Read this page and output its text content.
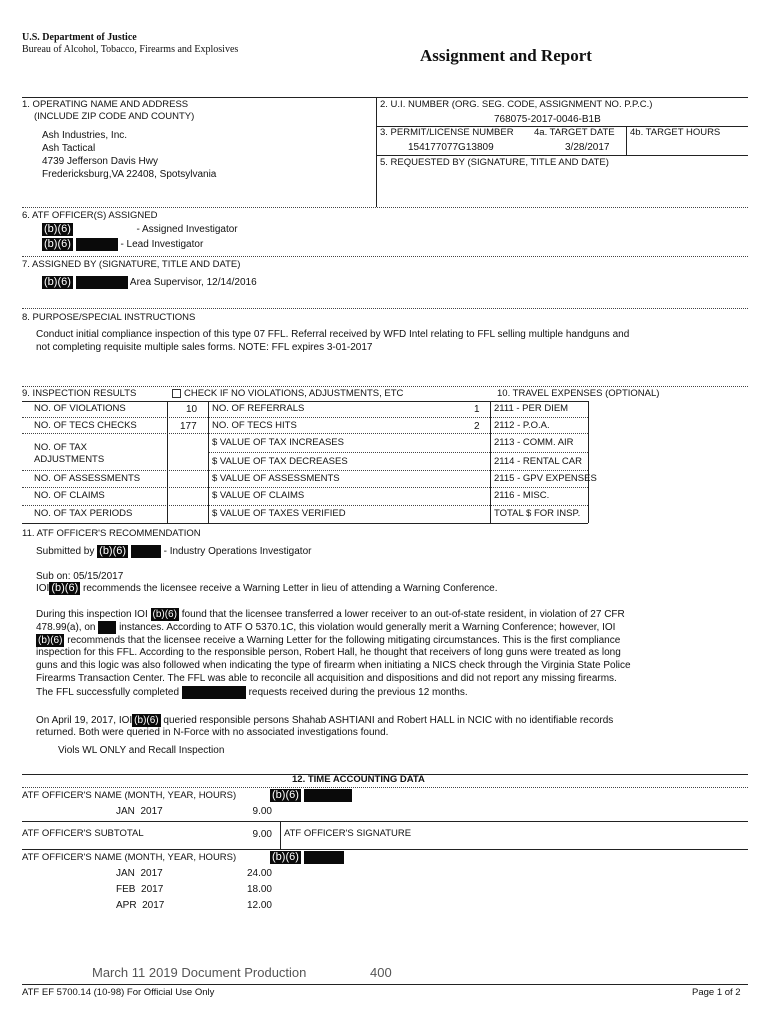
U.S. Department of Justice
Bureau of Alcohol, Tobacco, Firearms and Explosives	Assignment and Report
1. OPERATING NAME AND ADDRESS
(INCLUDE ZIP CODE AND COUNTY)
Ash Industries, Inc.
Ash Tactical
4739 Jefferson Davis Hwy
Fredericksburg,VA 22408, Spotsylvania
2. U.I. NUMBER (ORG. SEG. CODE, ASSIGNMENT NO. P.P.C.)
768075-2017-0046-B1B
3. PERMIT/LICENSE NUMBER 4a. TARGET DATE 4b. TARGET HOURS
154177077G13809	3/28/2017
5. REQUESTED BY (SIGNATURE, TITLE AND DATE)
6. ATF OFFICER(S) ASSIGNED
(b)(6)	- Assigned Investigator
(b)(6)	- Lead Investigator
7. ASSIGNED BY (SIGNATURE, TITLE AND DATE)
(b)(6)	Area Supervisor, 12/14/2016
8. PURPOSE/SPECIAL INSTRUCTIONS
Conduct initial compliance inspection of this type 07 FFL. Referral received by WFD Intel relating to FFL selling multiple handguns and
not completing requisite multiple sales forms. NOTE: FFL expires 3-01-2017
9. INSPECTION RESULTS	CHECK IF NO VIOLATIONS, ADJUSTMENTS, ETC	10. TRAVEL EXPENSES (OPTIONAL)
NO. OF VIOLATIONS	10 NO. OF REFERRALS	1 2111 - PER DIEM
NO. OF TECS CHECKS	177 NO. OF TECS HITS	2 2112 - P.O.A.
NO. OF TAX ADJUSTMENTS
$ VALUE OF TAX INCREASES	2113 - COMM. AIR
$ VALUE OF TAX DECREASES	2114 - RENTAL CAR
NO. OF ASSESSMENTS	$ VALUE OF ASSESSMENTS	2115 - GPV EXPENSES
NO. OF CLAIMS	$ VALUE OF CLAIMS	2116 - MISC.
NO. OF TAX PERIODS	$ VALUE OF TAXES VERIFIED	TOTAL $ FOR INSP.
11. ATF OFFICER'S RECOMMENDATION
Submitted by (b)(6)	- Industry Operations Investigator
Sub on: 05/15/2017
IOI (b)(6) recommends the licensee receive a Warning Letter in lieu of attending a Warning Conference.
During this inspection IOI (b)(6) found that the licensee transferred a lower receiver to an out-of-state resident, in violation of 27 CFR
478.99(a), on instances. According to ATF O 5370.1C, this violation would generally merit a Warning Conference; however, IOI
(b)(6) recommends that the licensee receive a Warning Letter for the following mitigating circumstances. This is the first compliance
inspection for this FFL. According to the responsible person, Robert Hall, he thought that receivers of long guns were treated as long
guns and this logic was also followed when indicating the type of firearm when initiating a NICS check through the Virginia State Police
Firearms Transaction Center. The FFL was able to reconcile all acquisition and dispositions and did not report any missing firearms.
The FFL successfully completed	requests received during the previous 12 months.
On April 19, 2017, IOI (b)(6) queried responsible persons Shahab ASHTIANI and Robert HALL in NCIC with no identifiable records
returned. Both were queried in N-Force with no associated investigations found.
Viols WL ONLY and Recall Inspection
12. TIME ACCOUNTING DATA
ATF OFFICER'S NAME (MONTH, YEAR, HOURS)	(b)(6)
JAN 2017	9.00
ATF OFFICER'S SUBTOTAL	9.00 ATF OFFICER'S SIGNATURE
ATF OFFICER'S NAME (MONTH, YEAR, HOURS)	(b)(6)
JAN 2017	24.00
FEB 2017	18.00
APR 2017	12.00
March 11 2019 Document Production	400
ATF EF 5700.14 (10-98) For Official Use Only	Page 1 of 2
